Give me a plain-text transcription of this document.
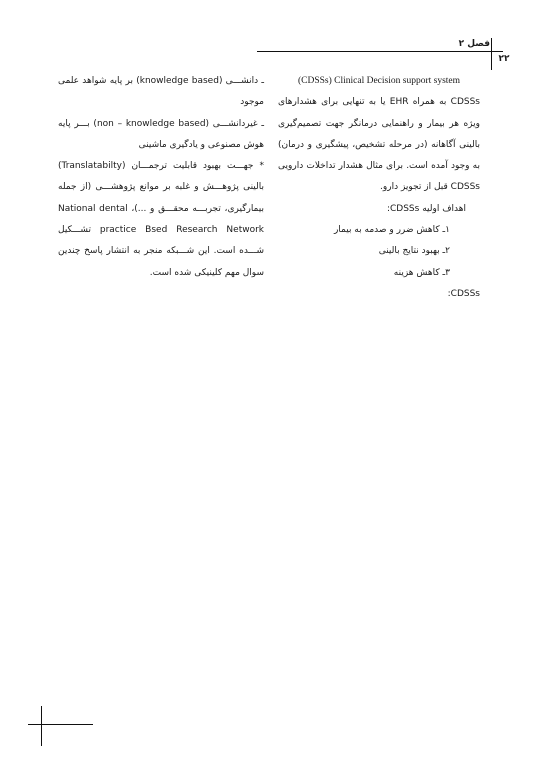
فصل ۲
۲۲

(CDSSs) Clinical Decision support system

CDSSs به همراه EHR یا به تنهایی برای هشدارهای ویژه هر بیمار و راهنمایی درمانگر جهت تصمیم‌گیری بالینی آگاهانه (در مرحله تشخیص، پیشگیری و درمان) به وجود آمده است. برای مثال هشدار تداخلات دارویی CDSSs قبل از تجویز دارو.

اهداف اولیه CDSSs:

۱ـ کاهش ضرر و صدمه به بیمار

۲ـ بهبود نتایج بالینی

۳ـ کاهش هزینه

CDSSs:

ـ دانشـــی (knowledge based) بر پایه شواهد علمی موجود

ـ غیردانشـــی (non – knowledge based) بـــر پایه هوش مصنوعی و یادگیری ماشینی

* جهـــت بهبود قابلیت ترجمـــان (Translatabilty) بالینی پژوهـــش و غلبه بر موانع پژوهشـــی (از جمله بیمارگیری، تجربـــه محقـــق و ...)، National dental practice Bsed Research Network تشـــکیل شـــده است. این شـــبکه منجر به انتشار پاسخ چندین سوال مهم کلینیکی شده است.
